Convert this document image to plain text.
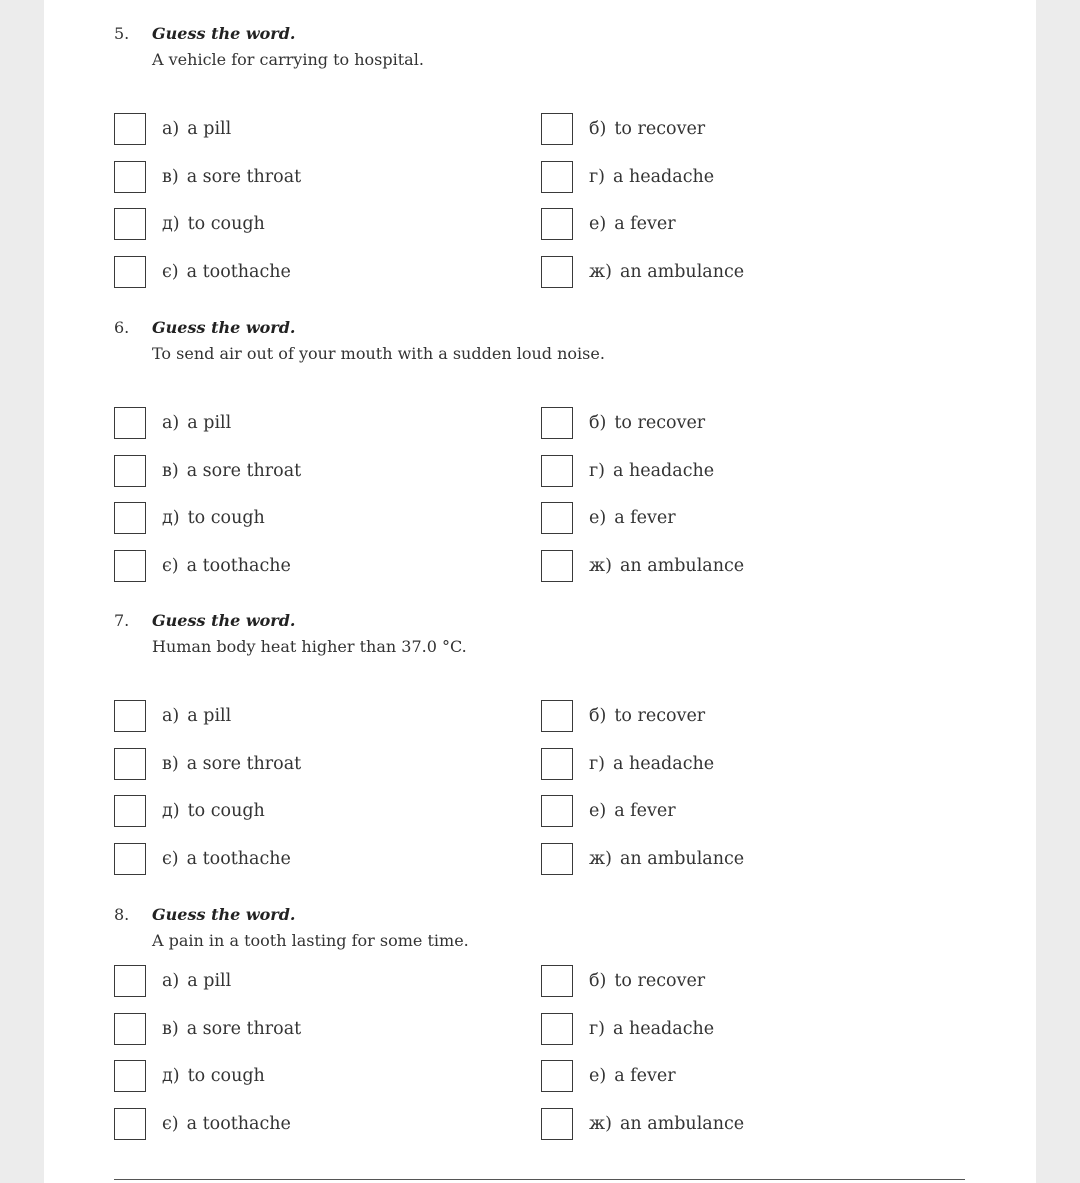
5. Guess the word.
A vehicle for carrying to hospital.
а) a pill	б) to recover
в) a sore throat	г) a headache
д) to cough	е) a fever
є) a toothache	ж) an ambulance
6. Guess the word.
To send air out of your mouth with a sudden loud noise.
а) a pill	б) to recover
в) a sore throat	г) a headache
д) to cough	е) a fever
є) a toothache	ж) an ambulance
7. Guess the word.
Human body heat higher than 37.0 °C.
а) a pill	б) to recover
в) a sore throat	г) a headache
д) to cough	е) a fever
є) a toothache	ж) an ambulance
8. Guess the word.
A pain in a tooth lasting for some time.
а) a pill	б) to recover
в) a sore throat	г) a headache
д) to cough	е) a fever
є) a toothache	ж) an ambulance
